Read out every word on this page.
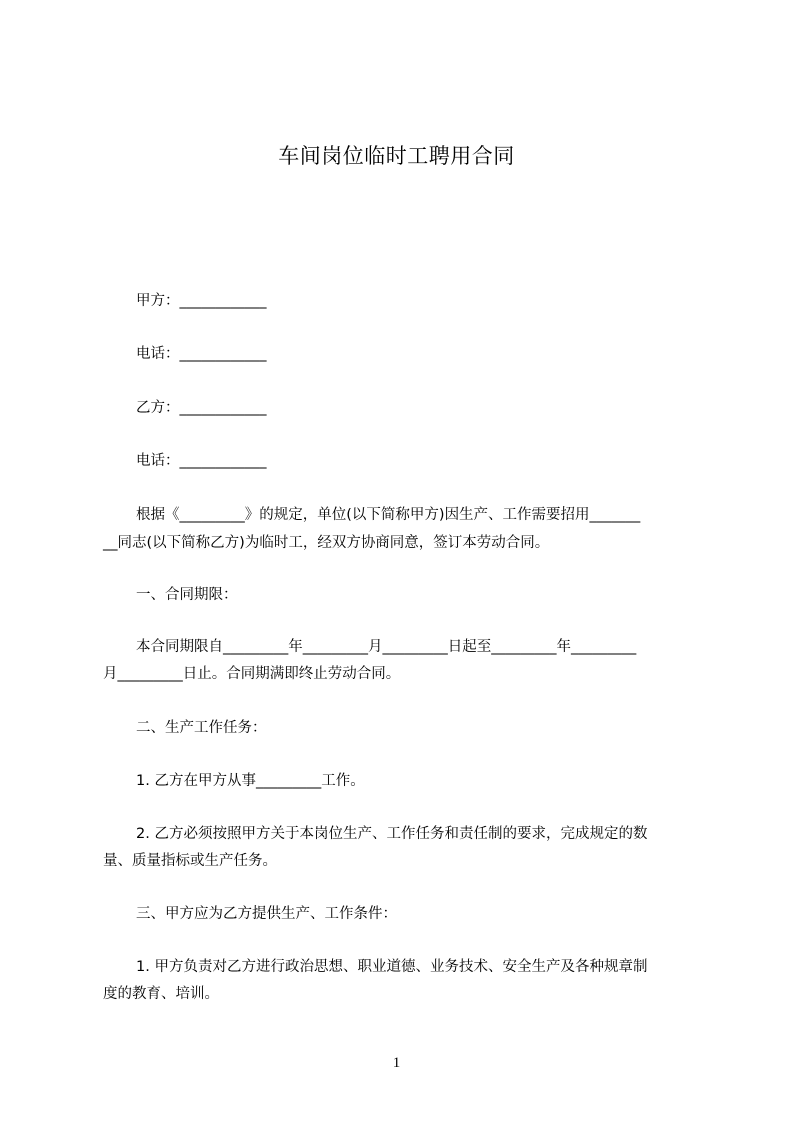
车间岗位临时工聘用合同
甲方：____________
电话：____________
乙方：____________
电话：____________
根据《_________》的规定，单位(以下简称甲方)因生产、工作需要招用_______
__同志(以下简称乙方)为临时工，经双方协商同意，签订本劳动合同。
一、合同期限：
本合同期限自_________年_________月_________日起至_________年_________
月_________日止。合同期满即终止劳动合同。
二、生产工作任务：
1. 乙方在甲方从事_________工作。
2. 乙方必须按照甲方关于本岗位生产、工作任务和责任制的要求，完成规定的数
量、质量指标或生产任务。
三、甲方应为乙方提供生产、工作条件：
1. 甲方负责对乙方进行政治思想、职业道德、业务技术、安全生产及各种规章制
度的教育、培训。
1
